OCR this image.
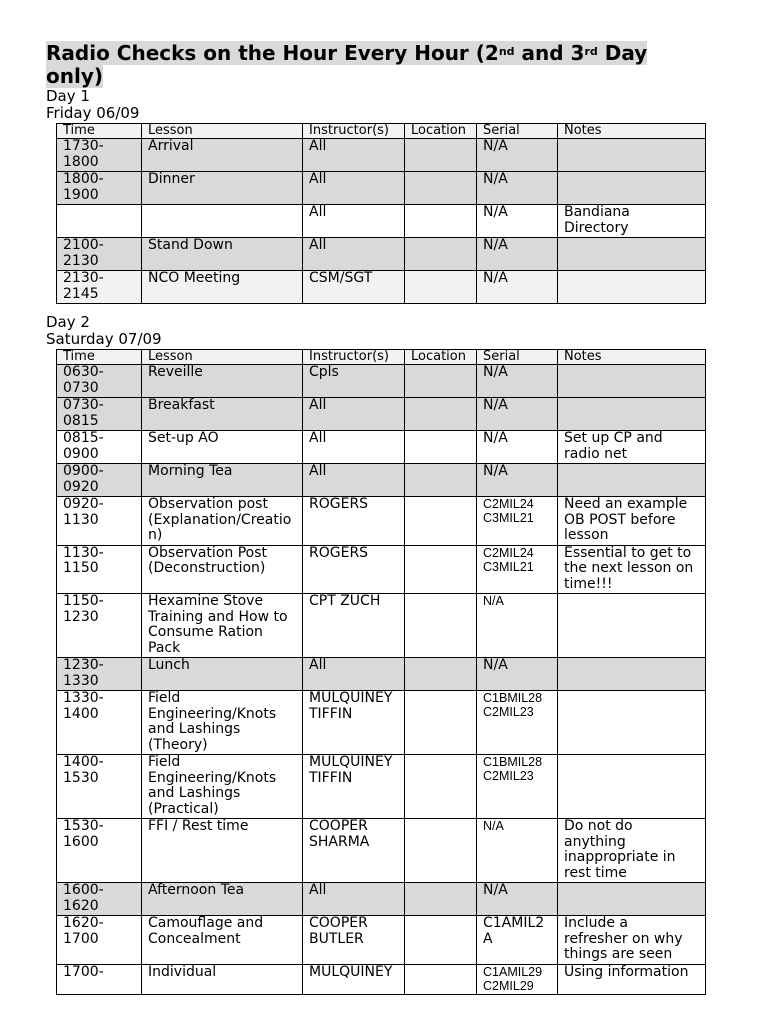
Radio Checks on the Hour Every Hour (2nd and 3rd Day only)
Day 1
Friday 06/09
Time	Lesson	Instructor(s)	Location	Serial	Notes
1730-
1800	Arrival	All		N/A	
1800-
1900	Dinner	All		N/A	
		All		N/A	Bandiana
Directory
2100-
2130	Stand Down	All		N/A	
2130-
2145	NCO Meeting	CSM/SGT		N/A	
Day 2
Saturday 07/09
Time	Lesson	Instructor(s)	Location	Serial	Notes
0630-
0730	Reveille	Cpls		N/A	
0730-
0815	Breakfast	All		N/A	
0815-
0900	Set-up AO	All		N/A	Set up CP and
radio net
0900-
0920	Morning Tea	All		N/A	
0920-
1130	Observation post
(Explanation/Creatio
n)	ROGERS		C2MIL24
C3MIL21	Need an example
OB POST before
lesson
1130-
1150	Observation Post
(Deconstruction)	ROGERS		C2MIL24
C3MIL21	Essential to get to
the next lesson on
time!!!
1150-
1230	Hexamine Stove
Training and How to
Consume Ration
Pack	CPT ZUCH		N/A	
1230-
1330	Lunch	All		N/A	
1330-
1400	Field
Engineering/Knots
and Lashings
(Theory)	MULQUINEY
TIFFIN		C1BMIL28
C2MIL23	
1400-
1530	Field
Engineering/Knots
and Lashings
(Practical)	MULQUINEY
TIFFIN		C1BMIL28
C2MIL23	
1530-
1600	FFI / Rest time	COOPER
SHARMA		N/A	Do not do
anything
inappropriate in
rest time
1600-
1620	Afternoon Tea	All		N/A	
1620-
1700	Camouflage and
Concealment	COOPER
BUTLER		C1AMIL2
A	Include a
refresher on why
things are seen
1700-	Individual	MULQUINEY		C1AMIL29
C2MIL29	Using information
